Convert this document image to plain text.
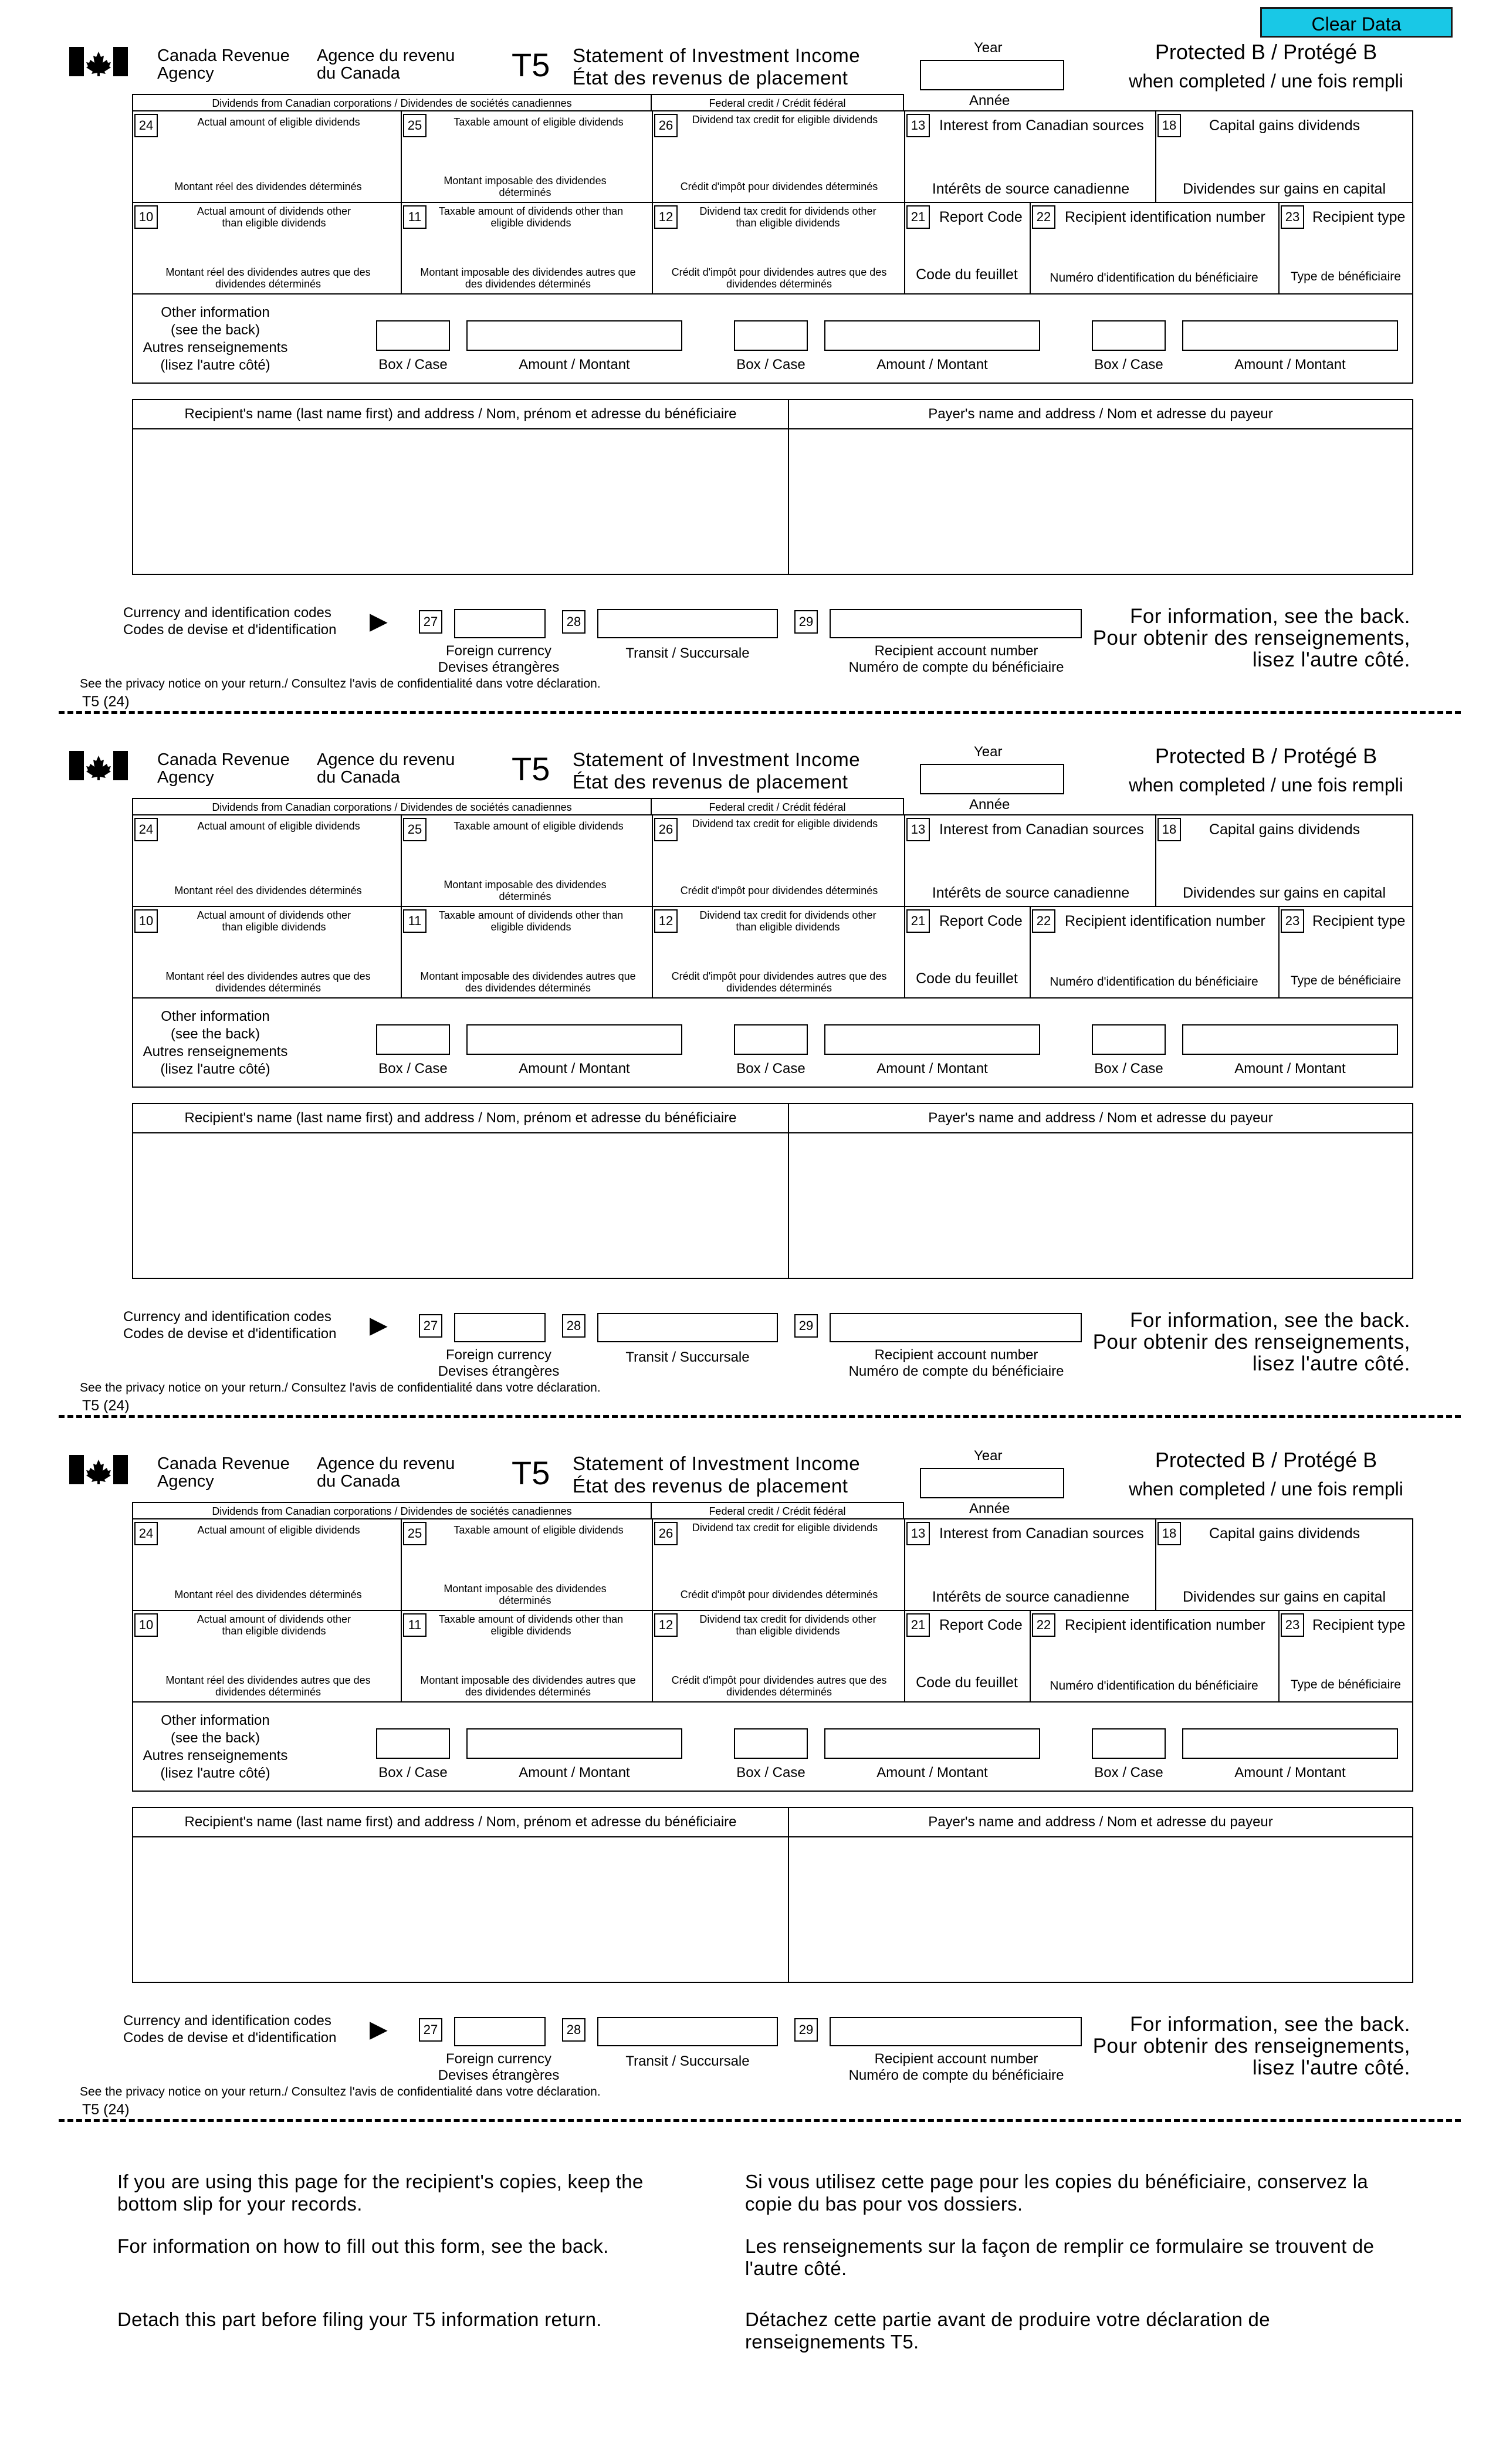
Clear Data
Canada Revenue
Agency
Agence du revenu
du Canada	T5 Statement of Investment Income
État des revenus de placement
Year
Année
Protected B / Protégé B
when completed / une fois rempli
Dividends from Canadian corporations / Dividendes de sociétés canadiennes	Federal credit / Crédit fédéral
24	Actual amount of eligible dividends
Montant réel des dividendes déterminés
25	Taxable amount of eligible dividends
Montant imposable des dividendes déterminés
26	Dividend tax credit for eligible dividends
Crédit d'impôt pour dividendes déterminés
13 Interest from Canadian sources
Intérêts de source canadienne
18	Capital gains dividends
Dividendes sur gains en capital
10	Actual amount of dividends other than eligible dividends
Montant réel des dividendes autres que des dividendes déterminés
11	Taxable amount of dividends other than eligible dividends
Montant imposable des dividendes autres que des dividendes déterminés
12	Dividend tax credit for dividends other than eligible dividends
Crédit d'impôt pour dividendes autres que des dividendes déterminés
21 Report Code
Code du feuillet
22 Recipient identification number
Numéro d'identification du bénéficiaire
23 Recipient type
Type de bénéficiaire
Other information
(see the back)
Autres renseignements
(lisez l'autre côté)	Box / Case	Amount / Montant	Box / Case	Amount / Montant	Box / Case	Amount / Montant
Recipient's name (last name first) and address / Nom, prénom et adresse du bénéficiaire	Payer's name and address / Nom et adresse du payeur
Currency and identification codes
Codes de devise et d'identification ▶	27	28	29
Foreign currency
Devises étrangères
Transit / Succursale	Recipient account number
Numéro de compte du bénéficiaire
For information, see the back.
Pour obtenir des renseignements,
lisez l'autre côté.
See the privacy notice on your return./ Consultez l'avis de confidentialité dans votre déclaration.
T5 (24)
Canada Revenue
Agency
Agence du revenu
du Canada	T5 Statement of Investment Income
État des revenus de placement
Year
Année
Protected B / Protégé B
when completed / une fois rempli
Dividends from Canadian corporations / Dividendes de sociétés canadiennes	Federal credit / Crédit fédéral
24	Actual amount of eligible dividends
Montant réel des dividendes déterminés
25	Taxable amount of eligible dividends
Montant imposable des dividendes déterminés
26	Dividend tax credit for eligible dividends
Crédit d'impôt pour dividendes déterminés
13 Interest from Canadian sources
Intérêts de source canadienne
18	Capital gains dividends
Dividendes sur gains en capital
10	Actual amount of dividends other than eligible dividends
Montant réel des dividendes autres que des dividendes déterminés
11	Taxable amount of dividends other than eligible dividends
Montant imposable des dividendes autres que des dividendes déterminés
12	Dividend tax credit for dividends other than eligible dividends
Crédit d'impôt pour dividendes autres que des dividendes déterminés
21 Report Code
Code du feuillet
22 Recipient identification number
Numéro d'identification du bénéficiaire
23 Recipient type
Type de bénéficiaire
Other information
(see the back)
Autres renseignements
(lisez l'autre côté)	Box / Case	Amount / Montant	Box / Case	Amount / Montant	Box / Case	Amount / Montant
Recipient's name (last name first) and address / Nom, prénom et adresse du bénéficiaire	Payer's name and address / Nom et adresse du payeur
Currency and identification codes
Codes de devise et d'identification ▶	27	28	29
Foreign currency
Devises étrangères
Transit / Succursale	Recipient account number
Numéro de compte du bénéficiaire
For information, see the back.
Pour obtenir des renseignements,
lisez l'autre côté.
See the privacy notice on your return./ Consultez l'avis de confidentialité dans votre déclaration.
T5 (24)
Canada Revenue
Agency
Agence du revenu
du Canada	T5 Statement of Investment Income
État des revenus de placement
Year
Année
Protected B / Protégé B
when completed / une fois rempli
Dividends from Canadian corporations / Dividendes de sociétés canadiennes	Federal credit / Crédit fédéral
24	Actual amount of eligible dividends
Montant réel des dividendes déterminés
25	Taxable amount of eligible dividends
Montant imposable des dividendes déterminés
26	Dividend tax credit for eligible dividends
Crédit d'impôt pour dividendes déterminés
13 Interest from Canadian sources
Intérêts de source canadienne
18	Capital gains dividends
Dividendes sur gains en capital
10	Actual amount of dividends other than eligible dividends
Montant réel des dividendes autres que des dividendes déterminés
11	Taxable amount of dividends other than eligible dividends
Montant imposable des dividendes autres que des dividendes déterminés
12	Dividend tax credit for dividends other than eligible dividends
Crédit d'impôt pour dividendes autres que des dividendes déterminés
21 Report Code
Code du feuillet
22 Recipient identification number
Numéro d'identification du bénéficiaire
23 Recipient type
Type de bénéficiaire
Other information
(see the back)
Autres renseignements
(lisez l'autre côté)	Box / Case	Amount / Montant	Box / Case	Amount / Montant	Box / Case	Amount / Montant
Recipient's name (last name first) and address / Nom, prénom et adresse du bénéficiaire	Payer's name and address / Nom et adresse du payeur
Currency and identification codes
Codes de devise et d'identification ▶	27	28	29
Foreign currency
Devises étrangères
Transit / Succursale	Recipient account number
Numéro de compte du bénéficiaire
For information, see the back.
Pour obtenir des renseignements,
lisez l'autre côté.
See the privacy notice on your return./ Consultez l'avis de confidentialité dans votre déclaration.
T5 (24)
If you are using this page for the recipient's copies, keep the bottom slip for your records.
For information on how to fill out this form, see the back.
Detach this part before filing your T5 information return.
Si vous utilisez cette page pour les copies du bénéficiaire, conservez la copie du bas pour vos dossiers.
Les renseignements sur la façon de remplir ce formulaire se trouvent de l'autre côté.
Détachez cette partie avant de produire votre déclaration de renseignements T5.
